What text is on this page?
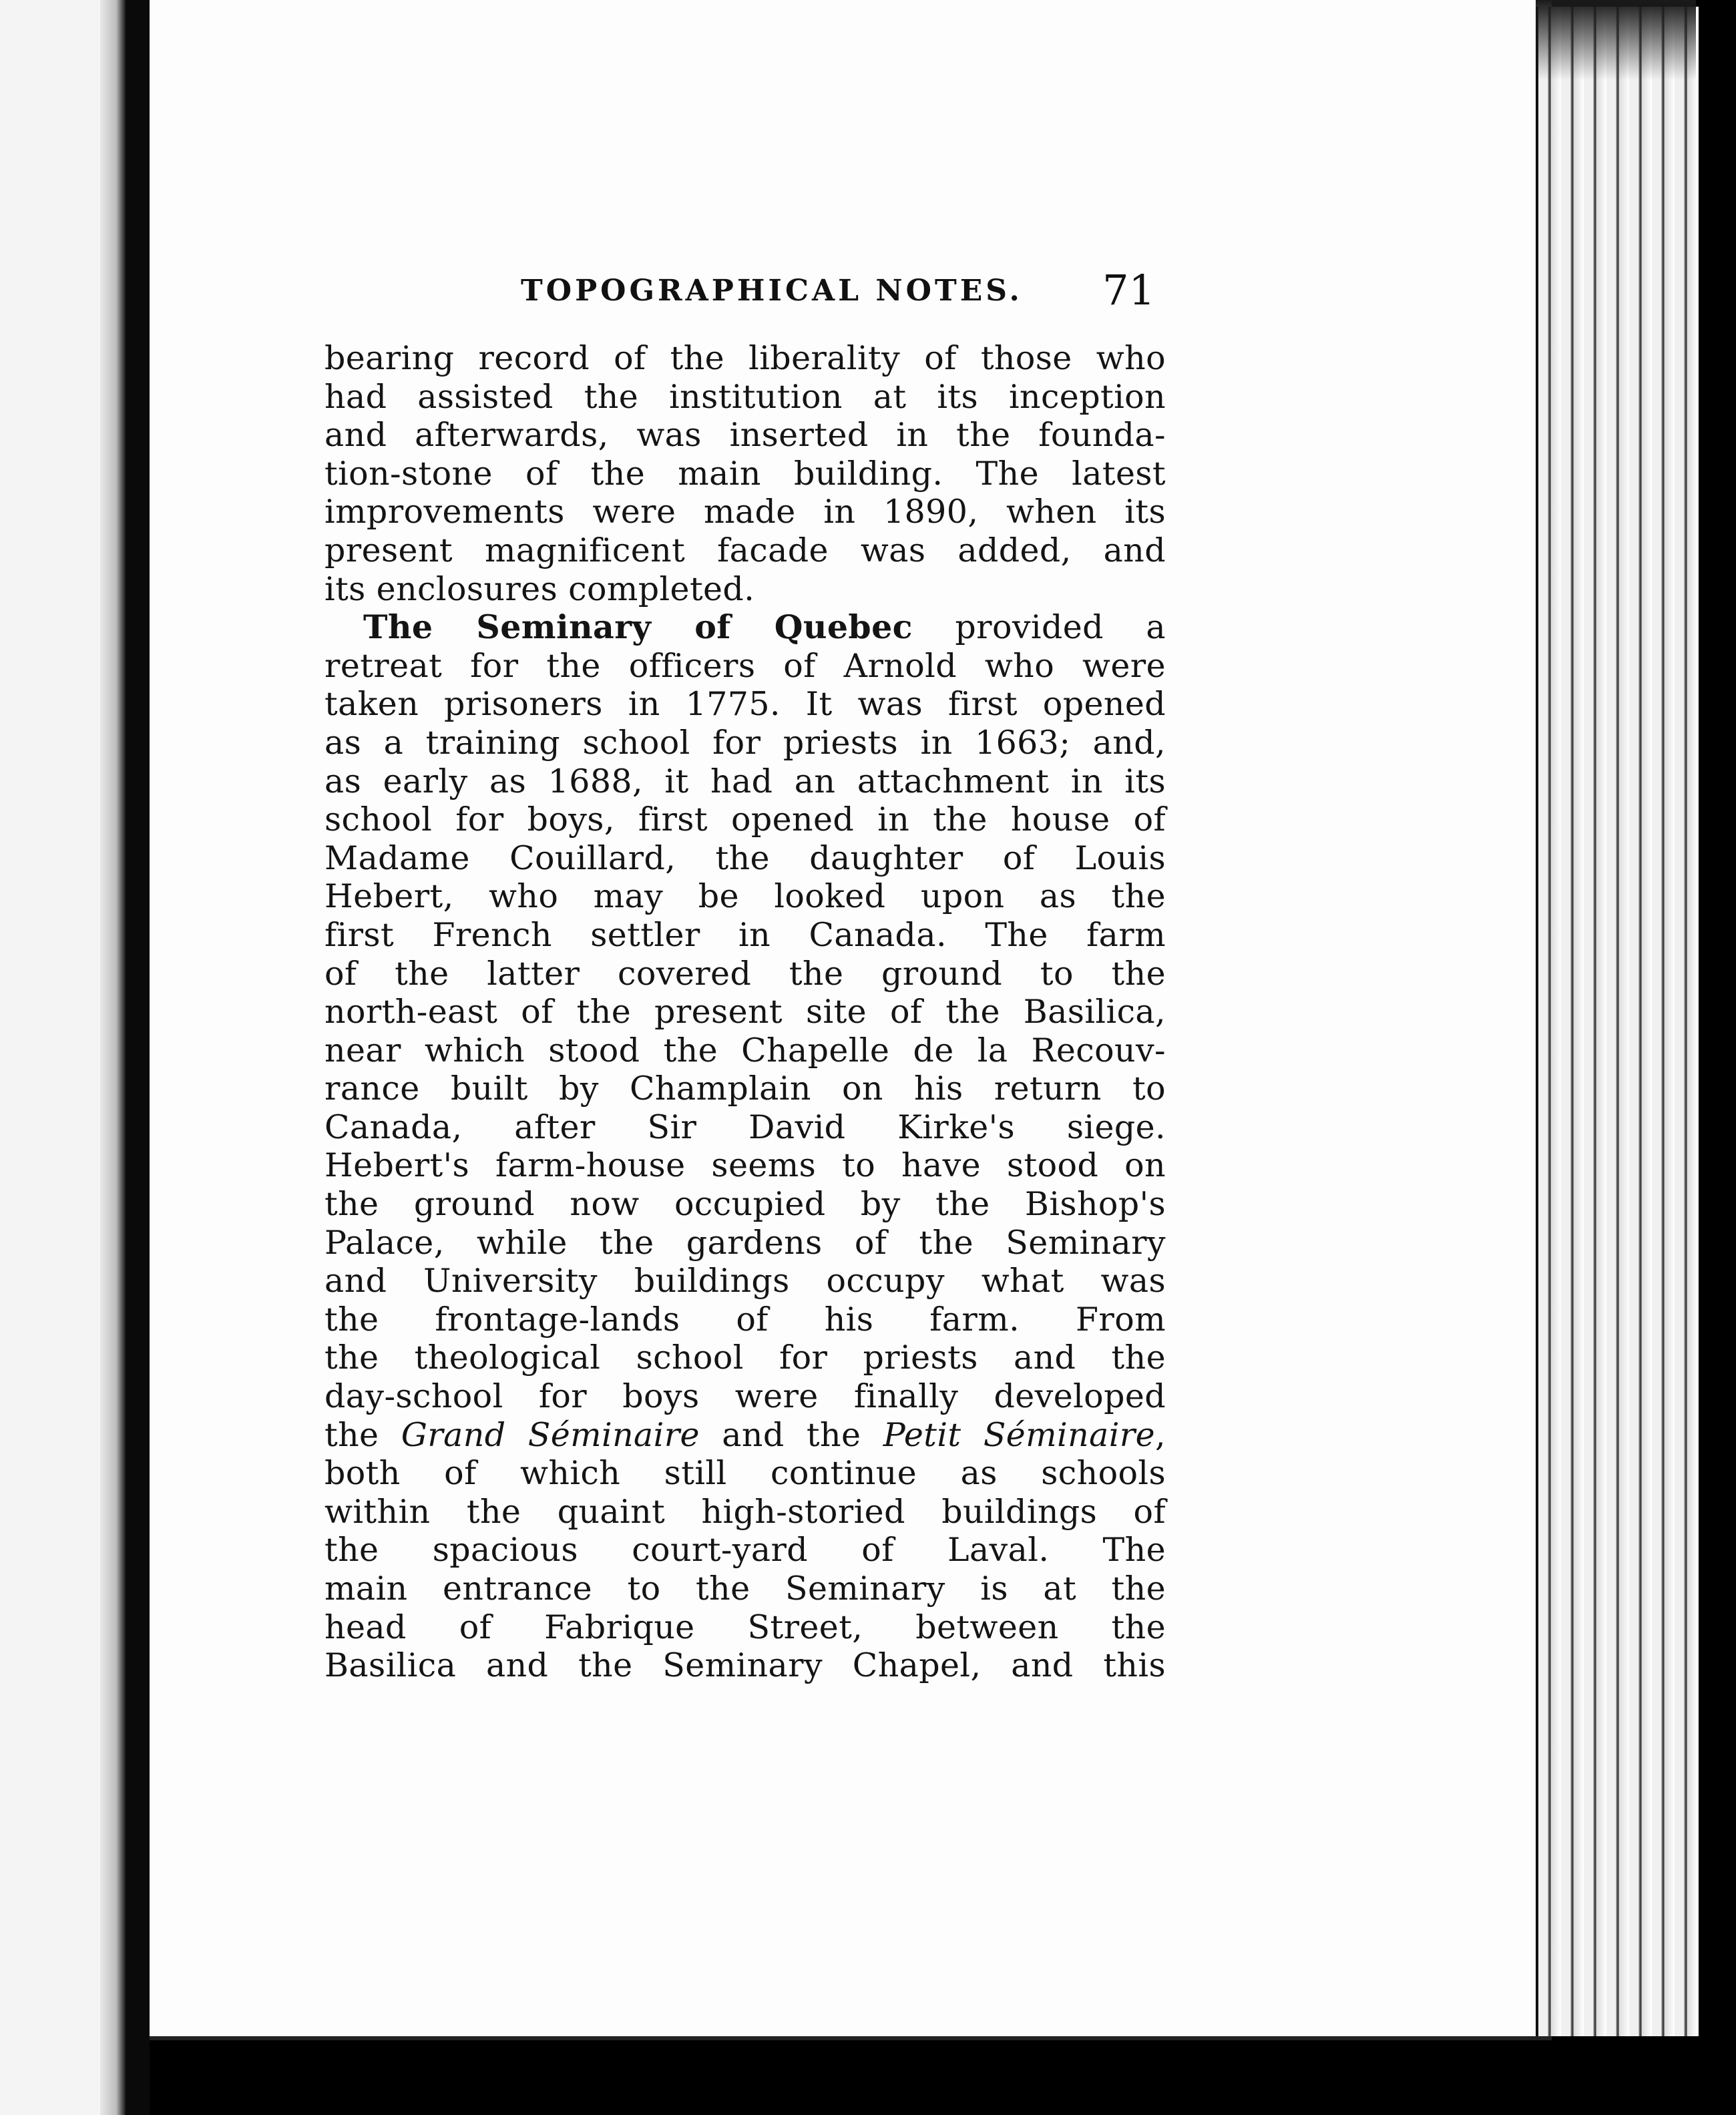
TOPOGRAPHICAL NOTES. 71
bearing record of the liberality of those who
had assisted the institution at its inception
and afterwards, was inserted in the founda-
tion-stone of the main building. The latest
improvements were made in 1890, when its
present magnificent facade was added, and
its enclosures completed.
The Seminary of Quebec provided a
retreat for the officers of Arnold who were
taken prisoners in 1775. It was first opened
as a training school for priests in 1663; and,
as early as 1688, it had an attachment in its
school for boys, first opened in the house of
Madame Couillard, the daughter of Louis
Hebert, who may be looked upon as the
first French settler in Canada. The farm
of the latter covered the ground to the
north-east of the present site of the Basilica,
near which stood the Chapelle de la Recouv-
rance built by Champlain on his return to
Canada, after Sir David Kirke's siege.
Hebert's farm-house seems to have stood on
the ground now occupied by the Bishop's
Palace, while the gardens of the Seminary
and University buildings occupy what was
the frontage-lands of his farm. From
the theological school for priests and the
day-school for boys were finally developed
the Grand Séminaire and the Petit Séminaire,
both of which still continue as schools
within the quaint high-storied buildings of
the spacious court-yard of Laval. The
main entrance to the Seminary is at the
head of Fabrique Street, between the
Basilica and the Seminary Chapel, and this
